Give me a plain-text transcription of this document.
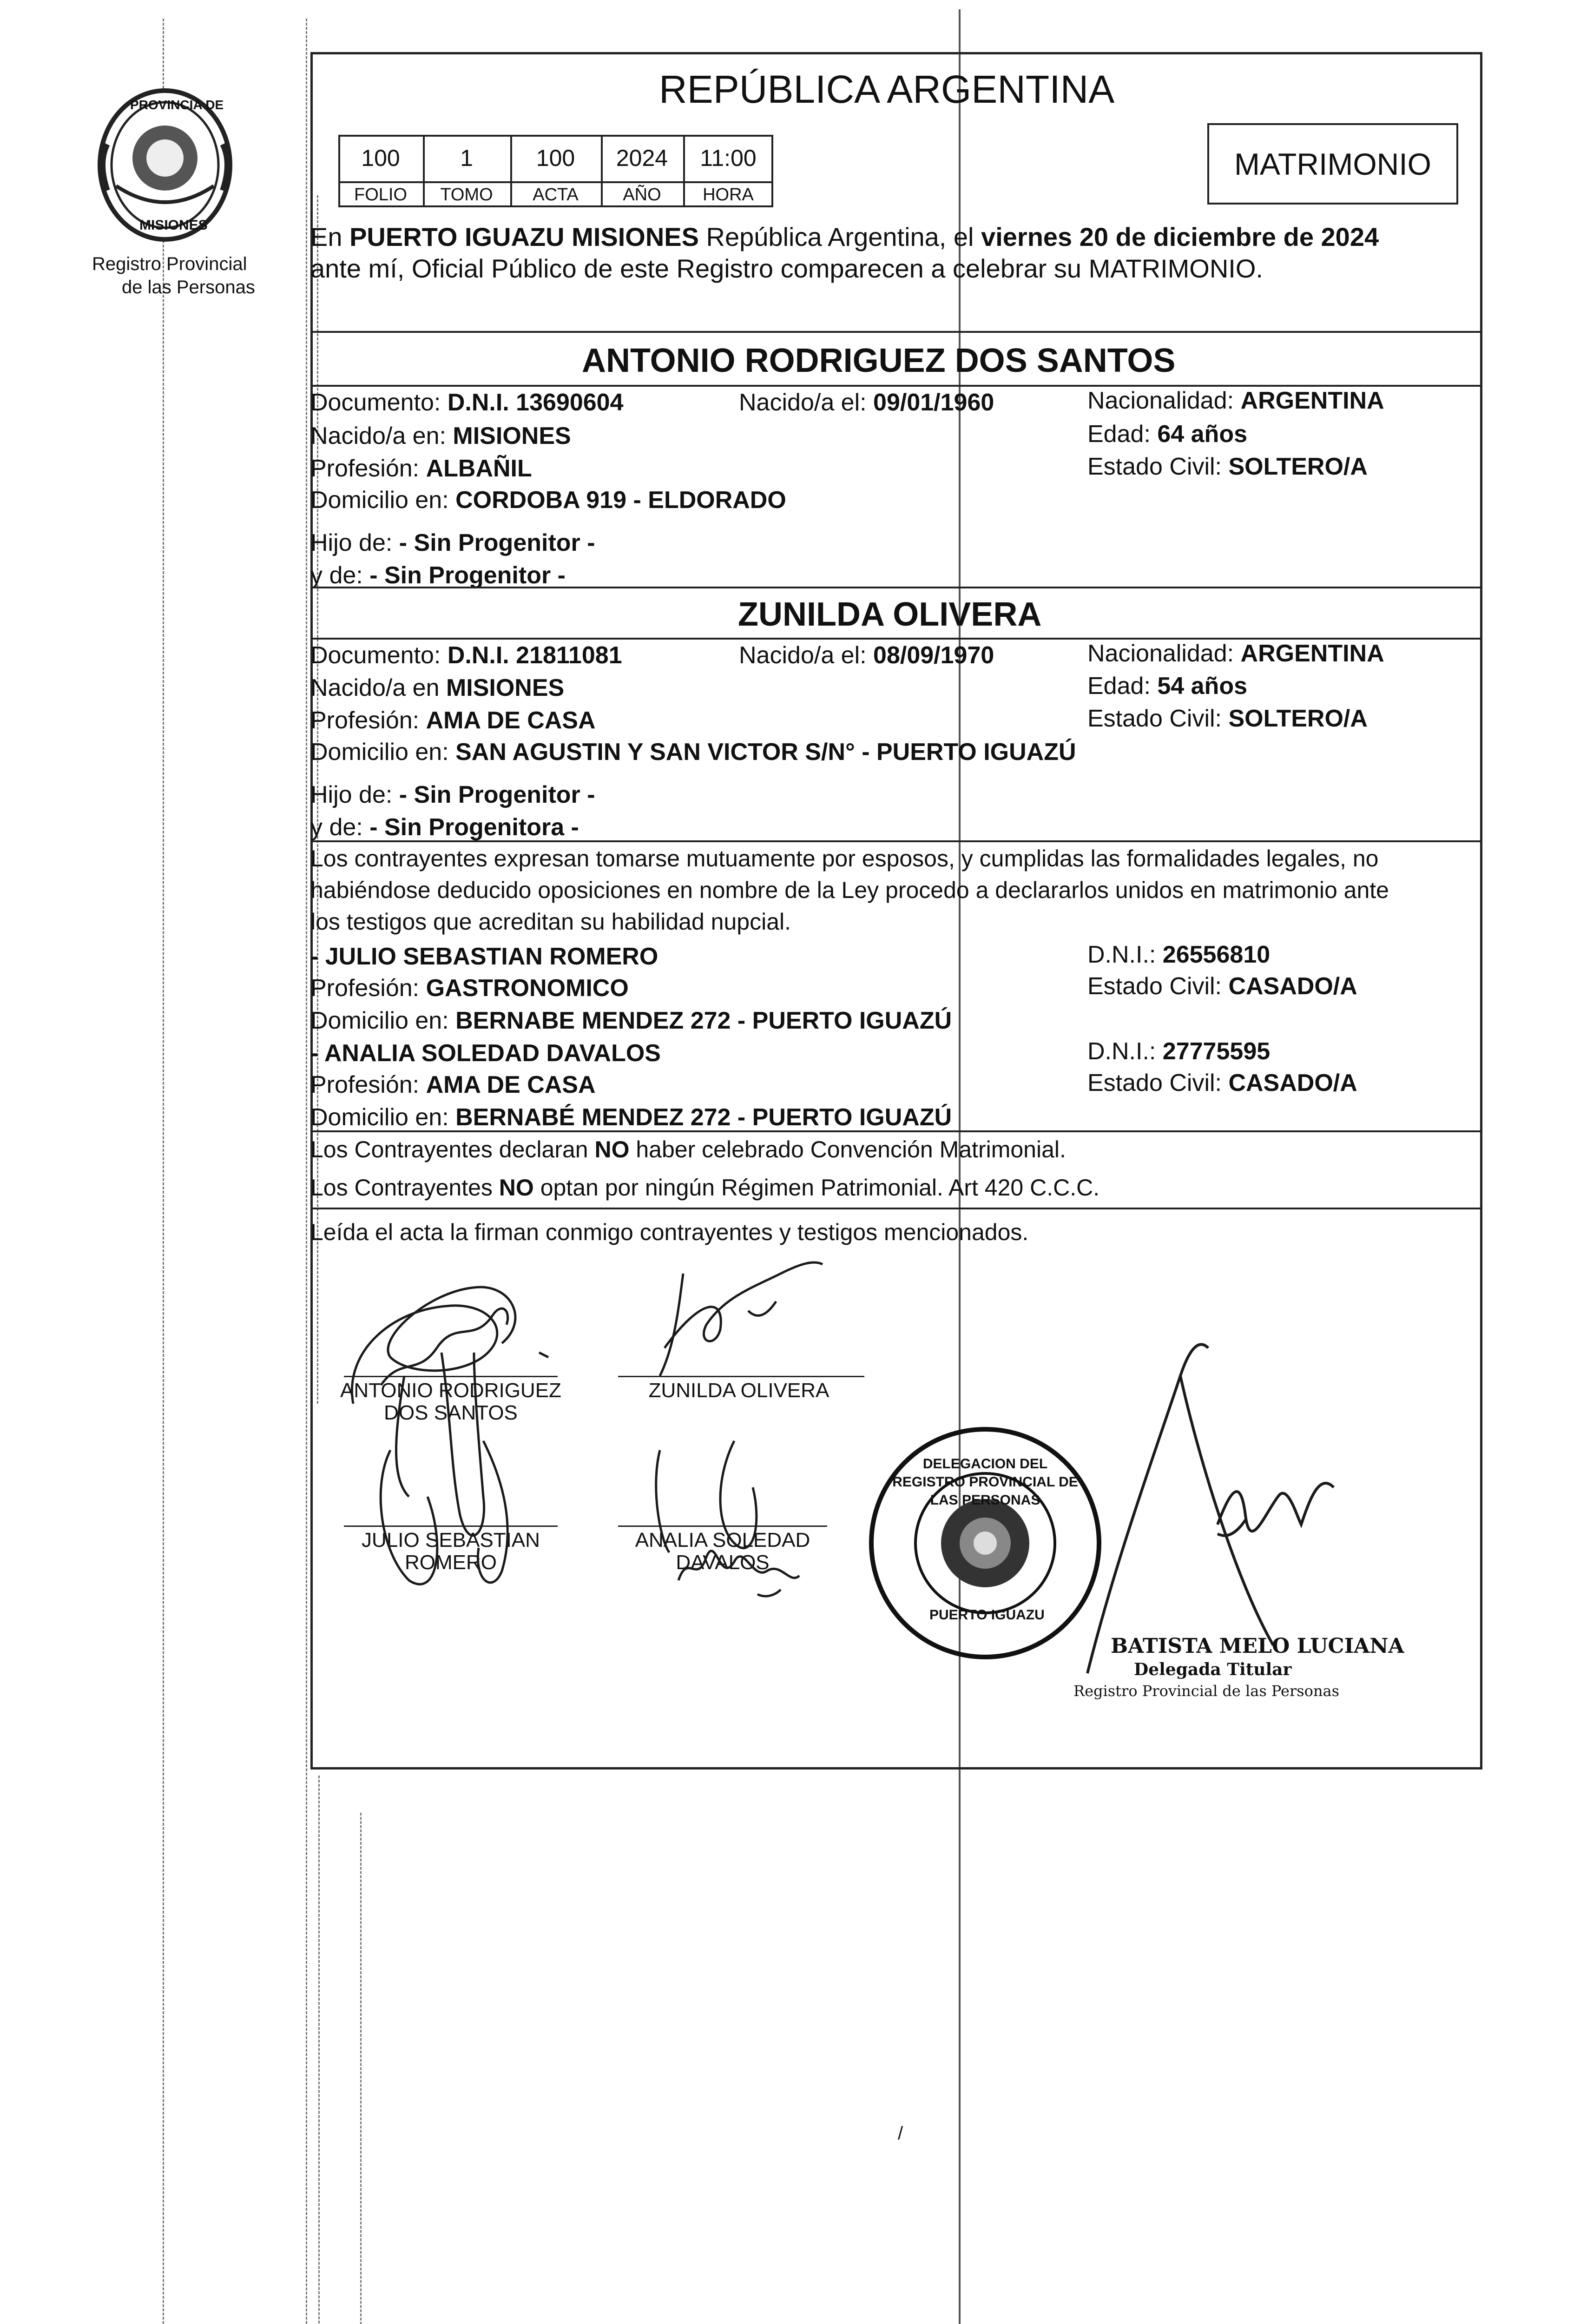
PROVINCIA DE
MISIONES
Registro Provincial
de las Personas
REPÚBLICA ARGENTINA
MATRIMONIO
100	1	100	2024	11:00
FOLIO	TOMO	ACTA	AÑO	HORA
En PUERTO IGUAZU MISIONES República Argentina, el viernes 20 de diciembre de 2024
ante mí, Oficial Público de este Registro comparecen a celebrar su MATRIMONIO.
ANTONIO RODRIGUEZ DOS SANTOS
Documento: D.N.I. 13690604	Nacido/a el: 09/01/1960	Nacionalidad: ARGENTINA
Nacido/a en: MISIONES	Edad: 64 años
Profesión: ALBAÑIL	Estado Civil: SOLTERO/A
Domicilio en: CORDOBA 919 - ELDORADO
Hijo de: - Sin Progenitor -
y de: - Sin Progenitor -
ZUNILDA OLIVERA
Documento: D.N.I. 21811081	Nacido/a el: 08/09/1970	Nacionalidad: ARGENTINA
Nacido/a en MISIONES	Edad: 54 años
Profesión: AMA DE CASA	Estado Civil: SOLTERO/A
Domicilio en: SAN AGUSTIN Y SAN VICTOR S/N° - PUERTO IGUAZÚ
Hijo de: - Sin Progenitor -
y de: - Sin Progenitora -
Los contrayentes expresan tomarse mutuamente por esposos, y cumplidas las formalidades legales, no
habiéndose deducido oposiciones en nombre de la Ley procedo a declararlos unidos en matrimonio ante
los testigos que acreditan su habilidad nupcial.
- JULIO SEBASTIAN ROMERO	D.N.I.: 26556810
Profesión: GASTRONOMICO	Estado Civil: CASADO/A
Domicilio en: BERNABE MENDEZ 272 - PUERTO IGUAZÚ
- ANALIA SOLEDAD DAVALOS	D.N.I.: 27775595
Profesión: AMA DE CASA	Estado Civil: CASADO/A
Domicilio en: BERNABÉ MENDEZ 272 - PUERTO IGUAZÚ
Los Contrayentes declaran NO haber celebrado Convención Matrimonial.
Los Contrayentes NO optan por ningún Régimen Patrimonial. Art 420 C.C.C.
Leída el acta la firman conmigo contrayentes y testigos mencionados.
ANTONIO RODRIGUEZ
DOS SANTOS
ZUNILDA OLIVERA
JULIO SEBASTIAN
ROMERO
ANALIA SOLEDAD
DAVALOS
DELEGACION DEL REGISTRO PROVINCIAL DE LAS PERSONAS
PUERTO IGUAZU
BATISTA MELO LUCIANA
Delegada Titular
Registro Provincial de las Personas
/
